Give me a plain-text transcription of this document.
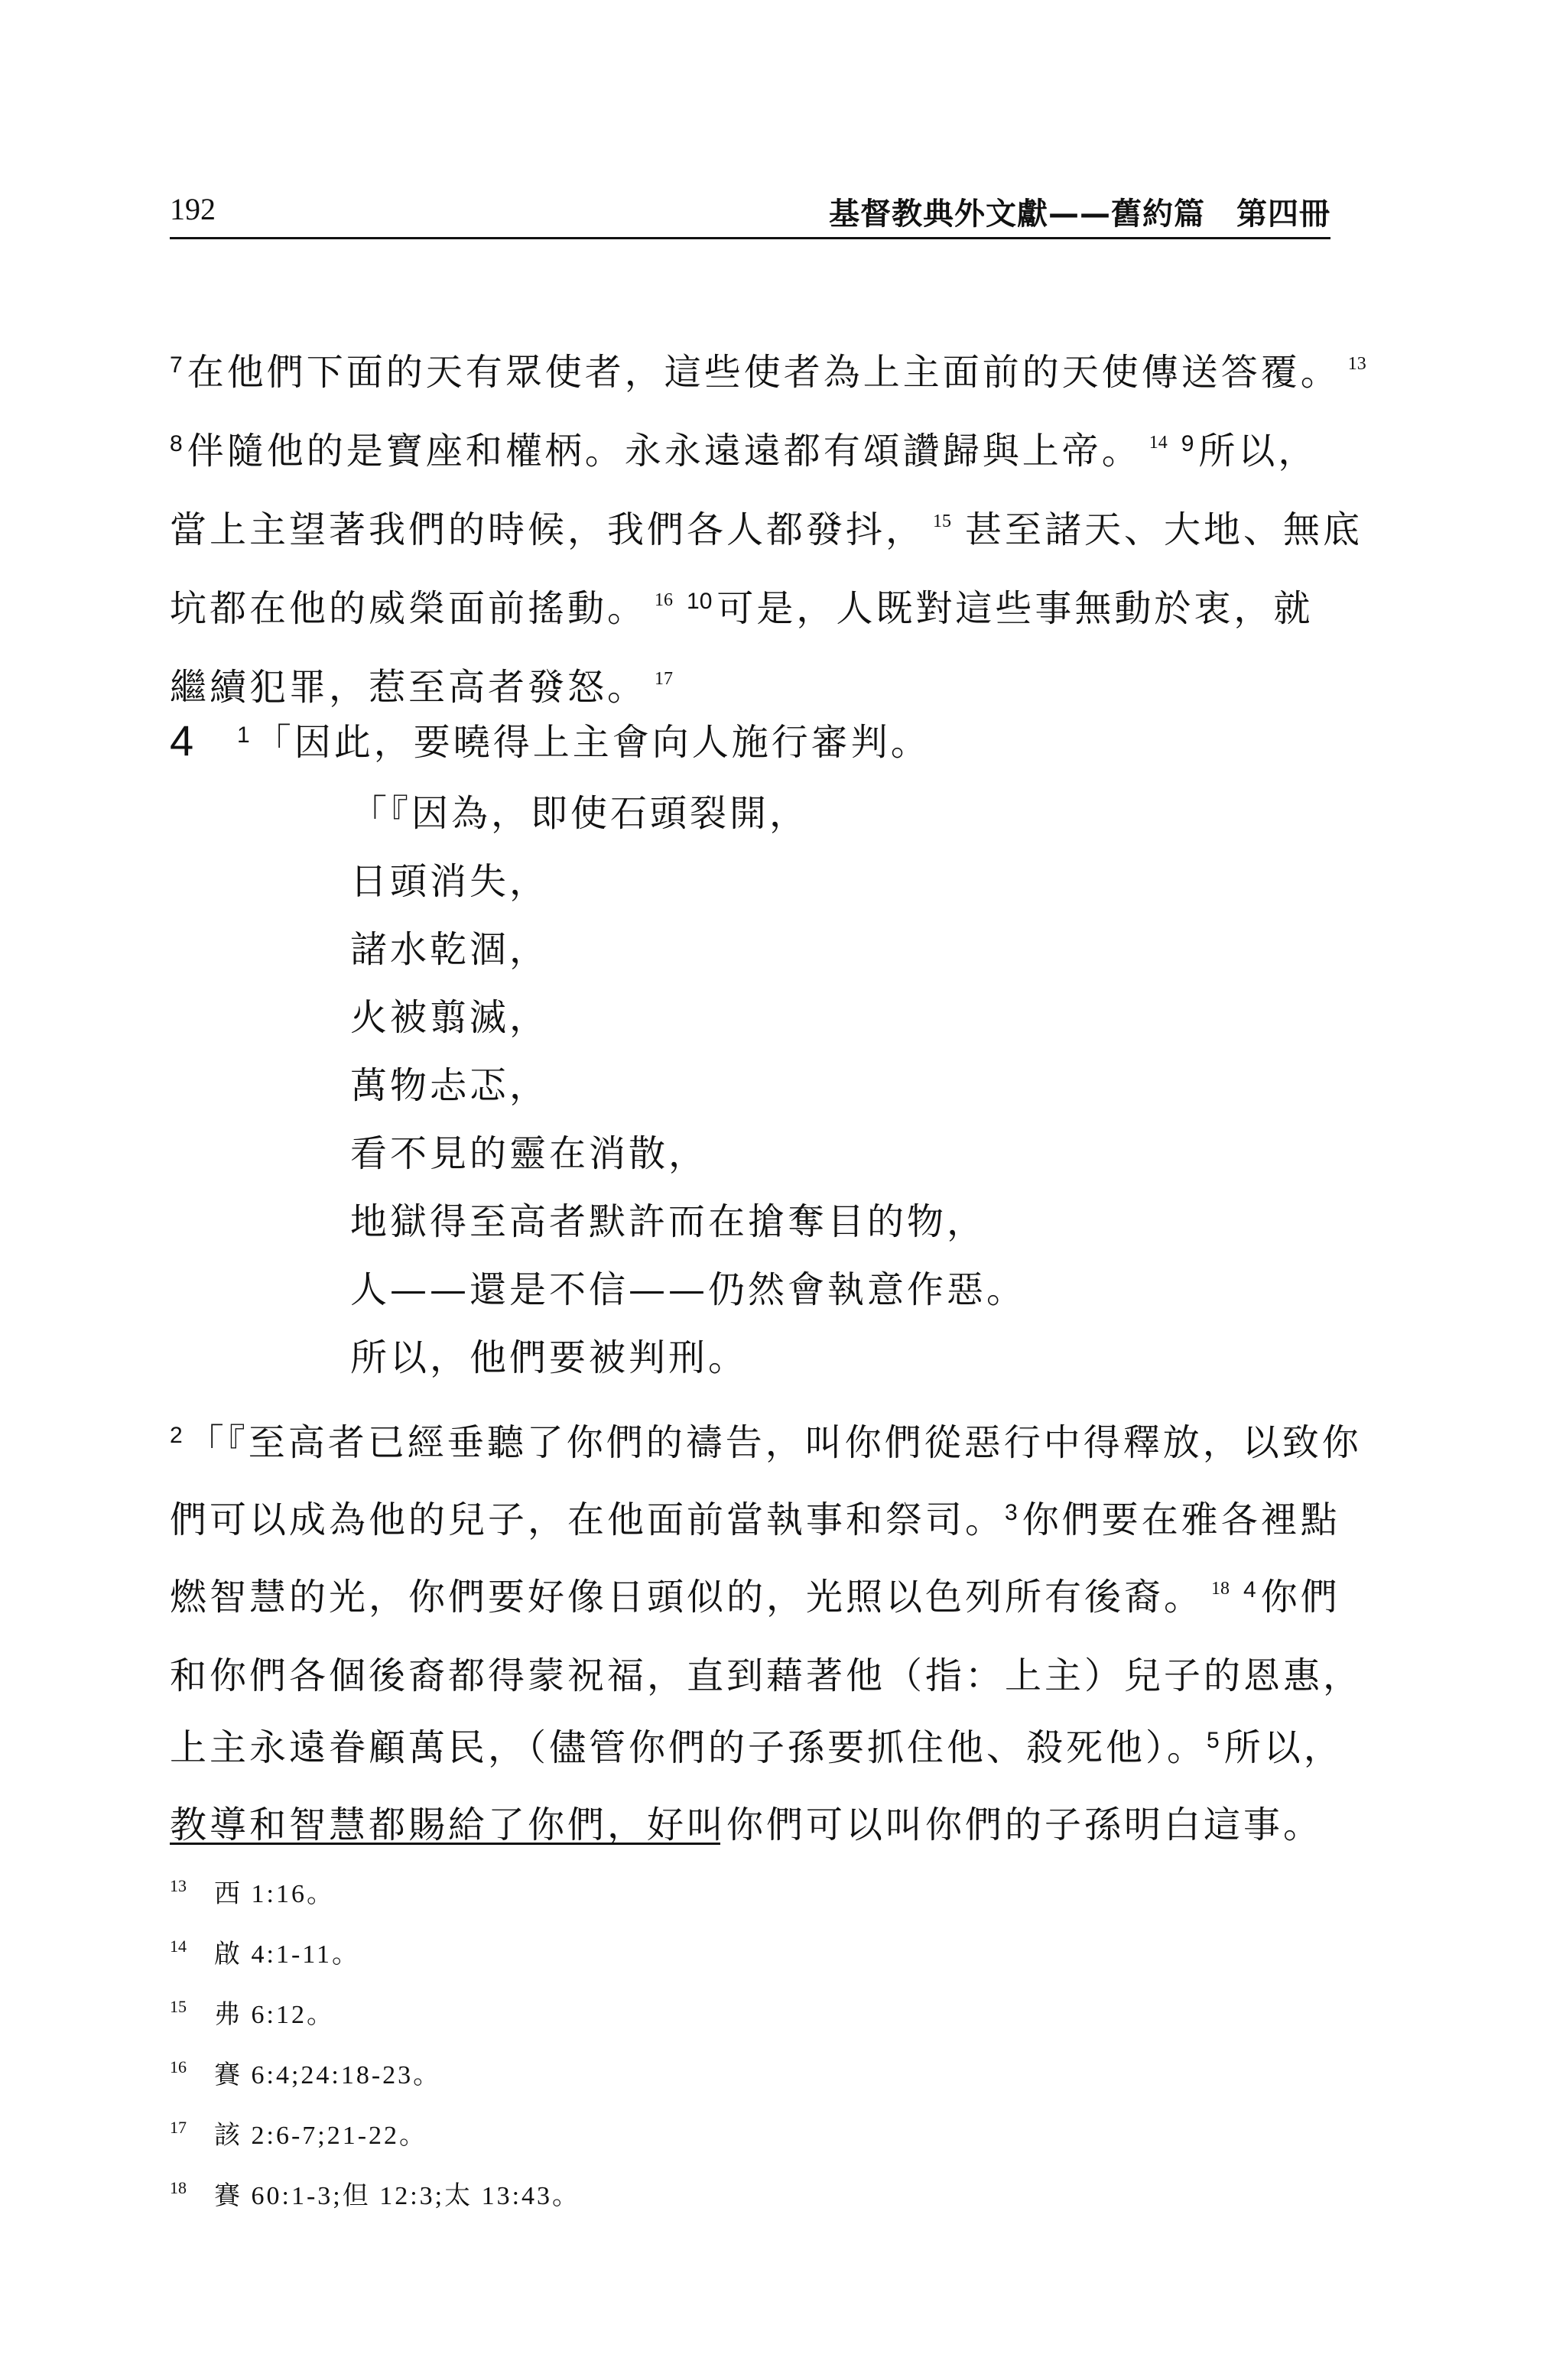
192	基督教典外文獻——舊約篇　第四冊
$^7$ 在他們下面的天有眾使者，這些使者為上主面前的天使傳送答覆。 $^{13}$
$^8$ 伴隨他的是寶座和權柄。永永遠遠都有頌讚歸與上帝。 $^{14}$ $^9$ 所以，
當上主望著我們的時候，我們各人都發抖， $^{15}$ 甚至諸天、大地、無底
坑都在他的威榮面前搖動。 $^{16}$ $^{10}$ 可是，人既對這些事無動於衷，就
繼續犯罪，惹至高者發怒。 $^{17}$
4 $^1$ 「因此，要曉得上主會向人施行審判。
「『因為，即使石頭裂開，
日頭消失，
諸水乾涸，
火被翦滅，
萬物忐忑，
看不見的靈在消散，
地獄得至高者默許而在搶奪目的物，
人——還是不信——仍然會執意作惡。
所以，他們要被判刑。
$^2$ 「『至高者已經垂聽了你們的禱告，叫你們從惡行中得釋放，以致你
們可以成為他的兒子，在他面前當執事和祭司。$^3$ 你們要在雅各裡點
燃智慧的光，你們要好像日頭似的，光照以色列所有後裔。 $^{18}$ $^4$ 你們
和你們各個後裔都得蒙祝福，直到藉著他（指：上主）兒子的恩惠，
上主永遠眷顧萬民，（儘管你們的子孫要抓住他、殺死他）。$^5$ 所以，
教導和智慧都賜給了你們，好叫你們可以叫你們的子孫明白這事。
13 西 1:16。
14 啟 4:1-11。
15 弗 6:12。
16 賽 6:4;24:18-23。
17 該 2:6-7;21-22。
18 賽 60:1-3;但 12:3;太 13:43。
